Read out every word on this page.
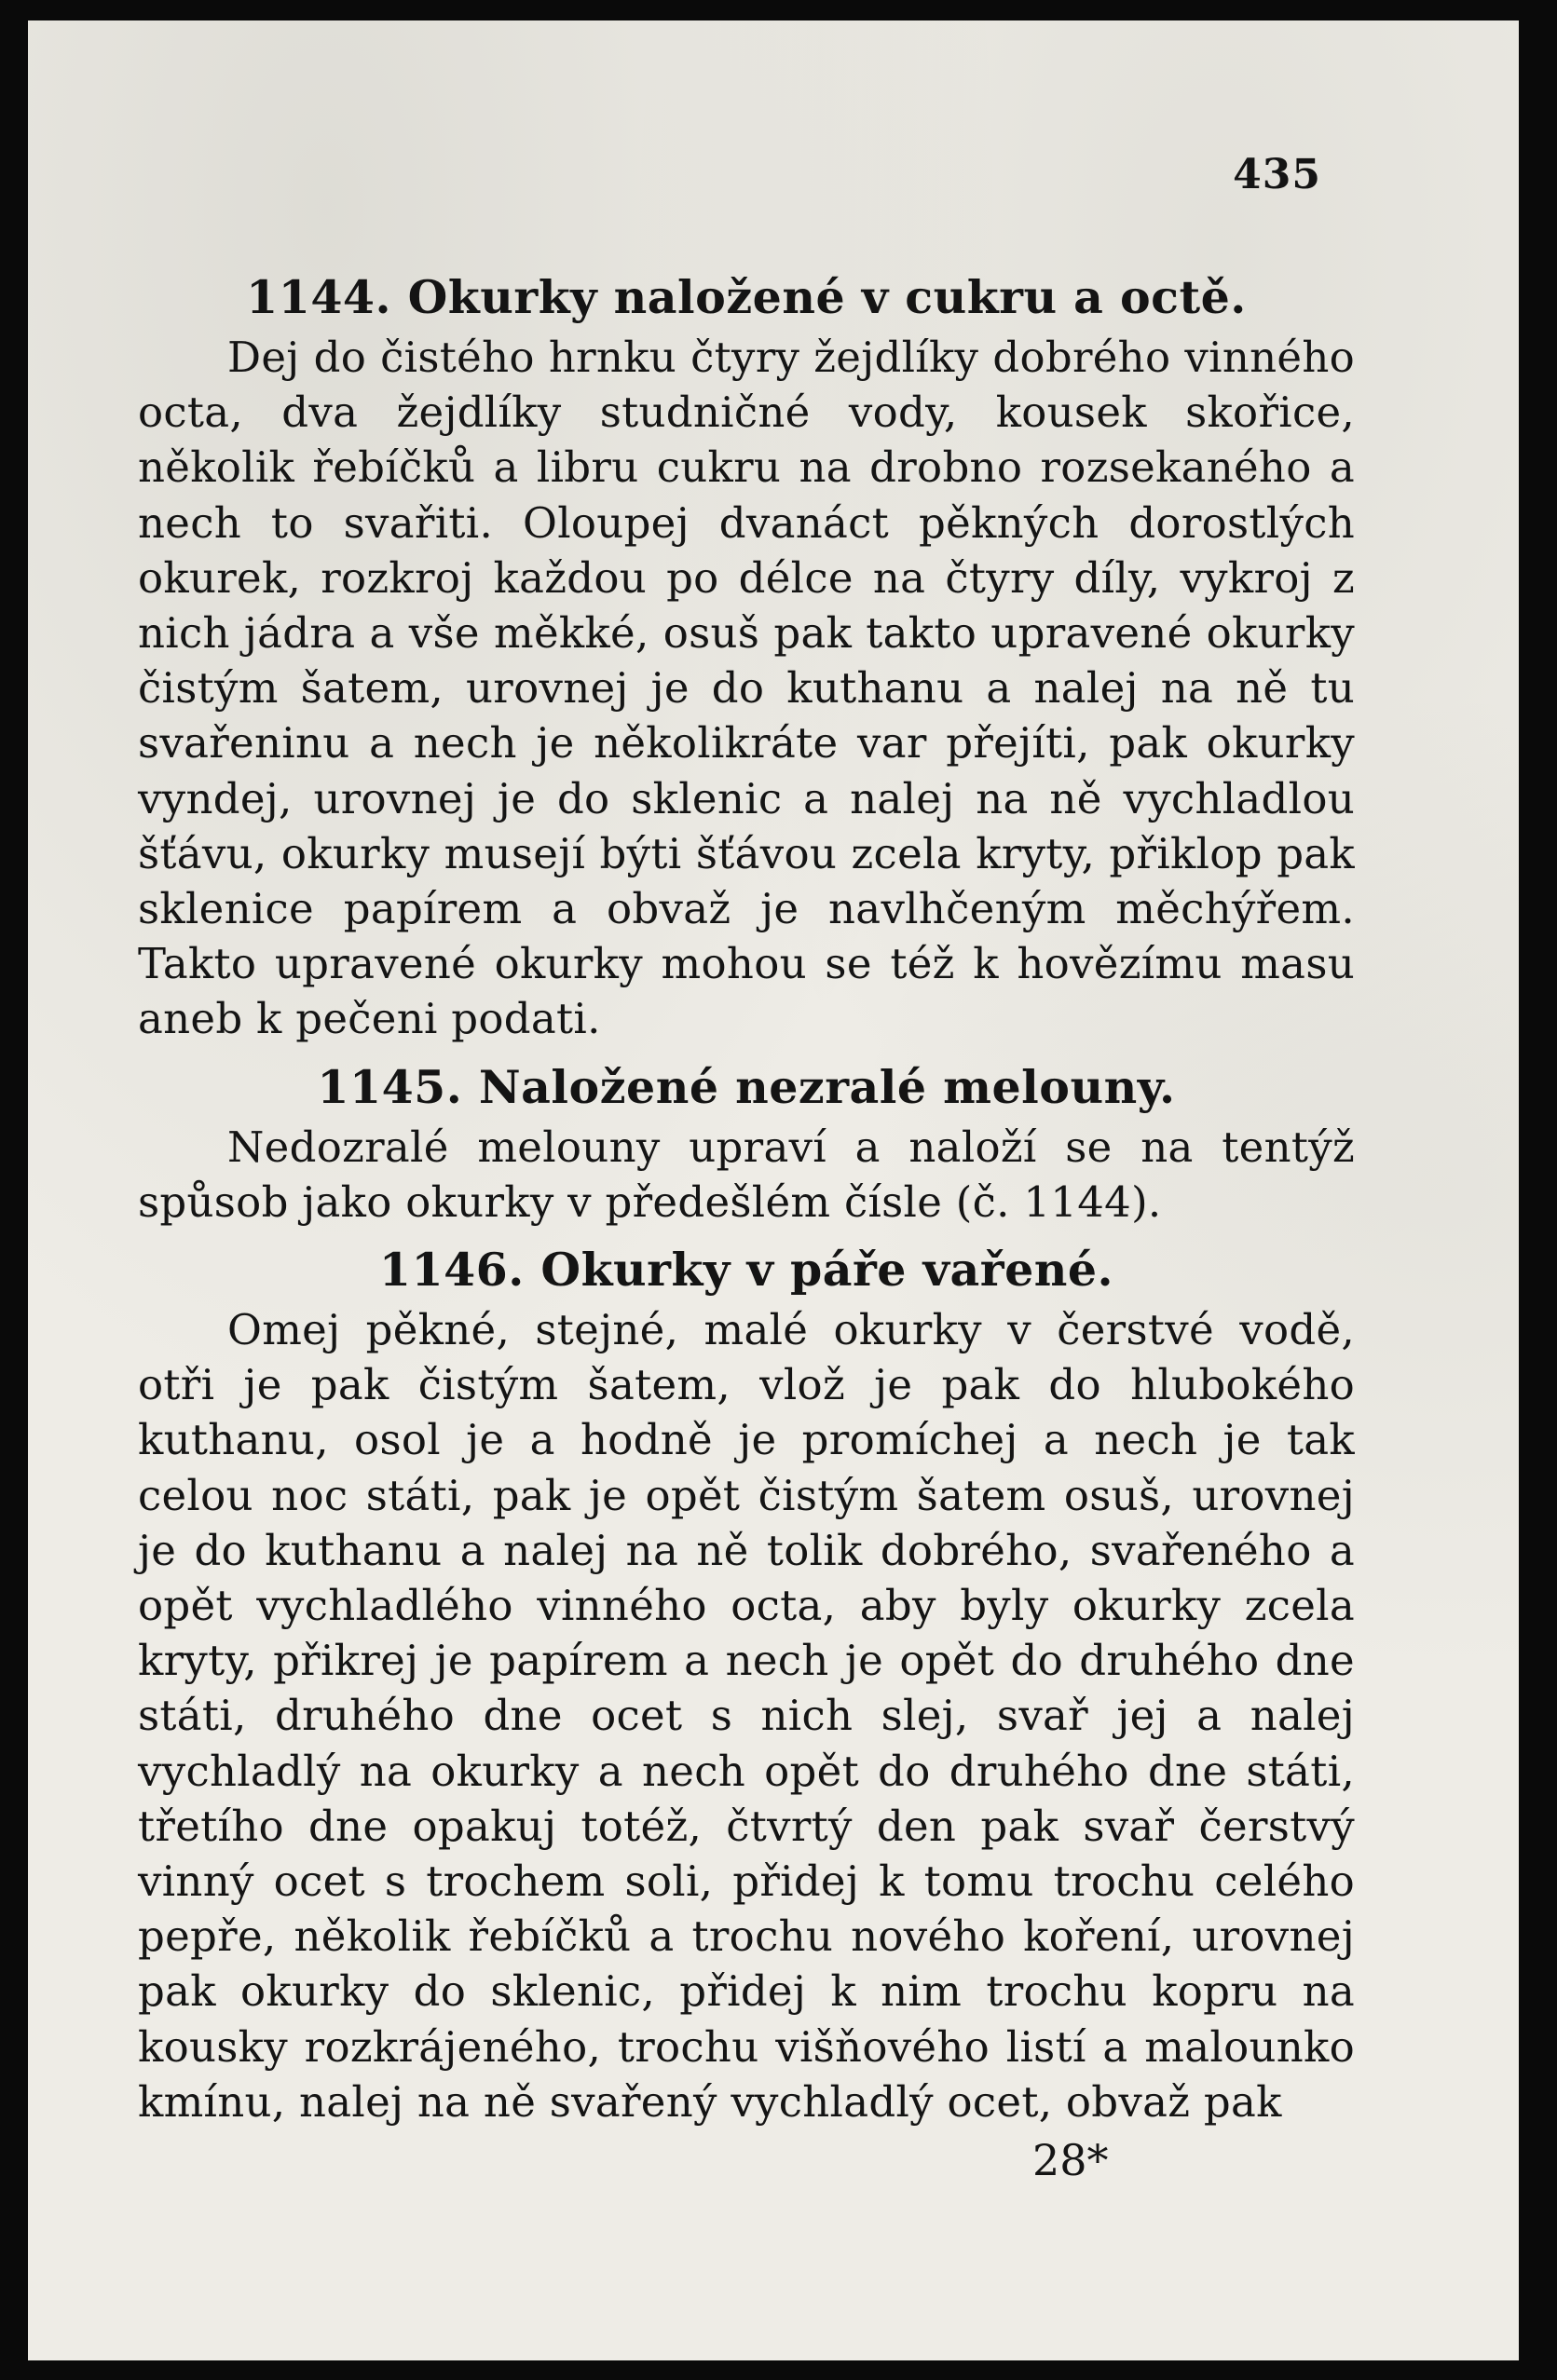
435
1144. Okurky naložené v cukru a octě.

Dej do čistého hrnku čtyry žejdlíky dobrého vinného octa, dva žejdlíky studničné vody, kousek skořice, několik řebíčků a libru cukru na drobno rozsekaného a nech to svařiti. Oloupej dvanáct pěkných dorostlých okurek, rozkroj každou po délce na čtyry díly, vykroj z nich jádra a vše měkké, osuš pak takto upravené okurky čistým šatem, urovnej je do kuthanu a nalej na ně tu svařeninu a nech je několikráte var přejíti, pak okurky vyndej, urovnej je do sklenic a nalej na ně vychladlou šťávu, okurky musejí býti šťávou zcela kryty, přiklop pak sklenice papírem a obvaž je navlhčeným měchýřem. Takto upravené okurky mohou se též k hovězímu masu aneb k pečeni podati.

1145. Naložené nezralé melouny.

Nedozralé melouny upraví a naloží se na tentýž spůsob jako okurky v předešlém čísle (č. 1144).

1146. Okurky v páře vařené.

Omej pěkné, stejné, malé okurky v čerstvé vodě, otři je pak čistým šatem, vlož je pak do hlubokého kuthanu, osol je a hodně je promíchej a nech je tak celou noc státi, pak je opět čistým šatem osuš, urovnej je do kuthanu a nalej na ně tolik dobrého, svařeného a opět vychladlého vinného octa, aby byly okurky zcela kryty, přikrej je papírem a nech je opět do druhého dne státi, druhého dne ocet s nich slej, svař jej a nalej vychladlý na okurky a nech opět do druhého dne státi, třetího dne opakuj totéž, čtvrtý den pak svař čerstvý vinný ocet s trochem soli, přidej k tomu trochu celého pepře, několik řebíčků a trochu nového koření, urovnej pak okurky do sklenic, přidej k nim trochu kopru na kousky rozkrájeného, trochu višňového listí a malounko kmínu, nalej na ně svařený vychladlý ocet, obvaž pak

28*
